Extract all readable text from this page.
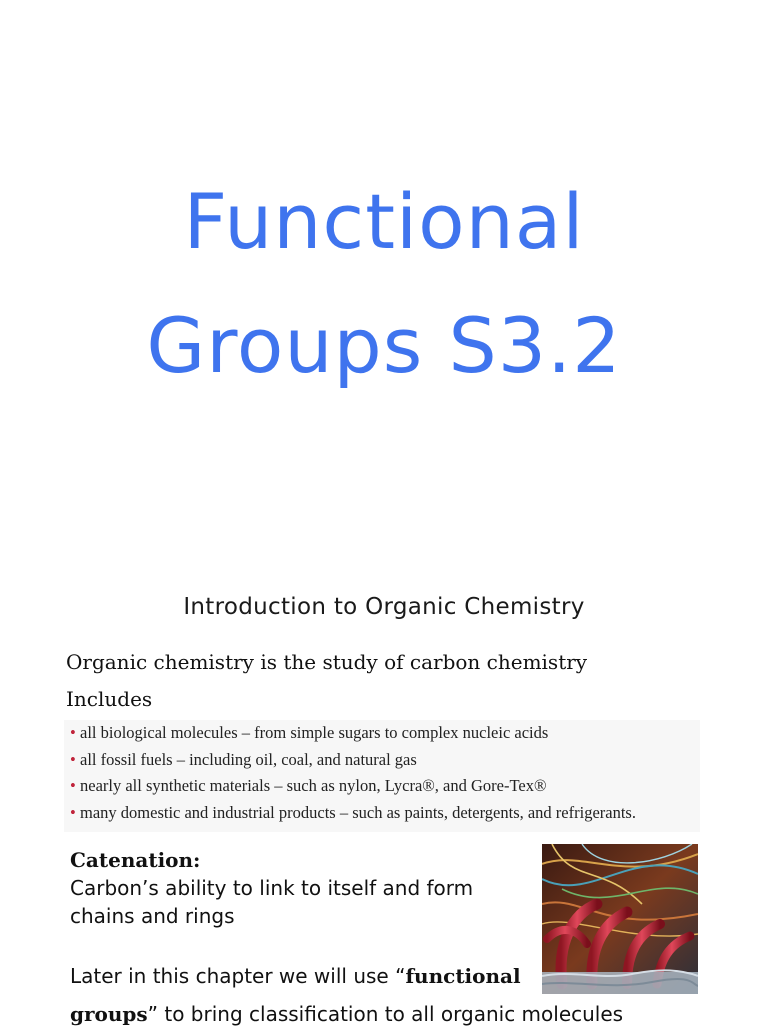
Functional
Groups S3.2
Introduction to Organic Chemistry
Organic chemistry is the study of carbon chemistry
Includes
• all biological molecules – from simple sugars to complex nucleic acids
• all fossil fuels – including oil, coal, and natural gas
• nearly all synthetic materials – such as nylon, Lycra®, and Gore-Tex®
• many domestic and industrial products – such as paints, detergents, and refrigerants.
Catenation:
Carbon’s ability to link to itself and form
chains and rings
Later in this chapter we will use “functional
groups” to bring classification to all organic molecules
